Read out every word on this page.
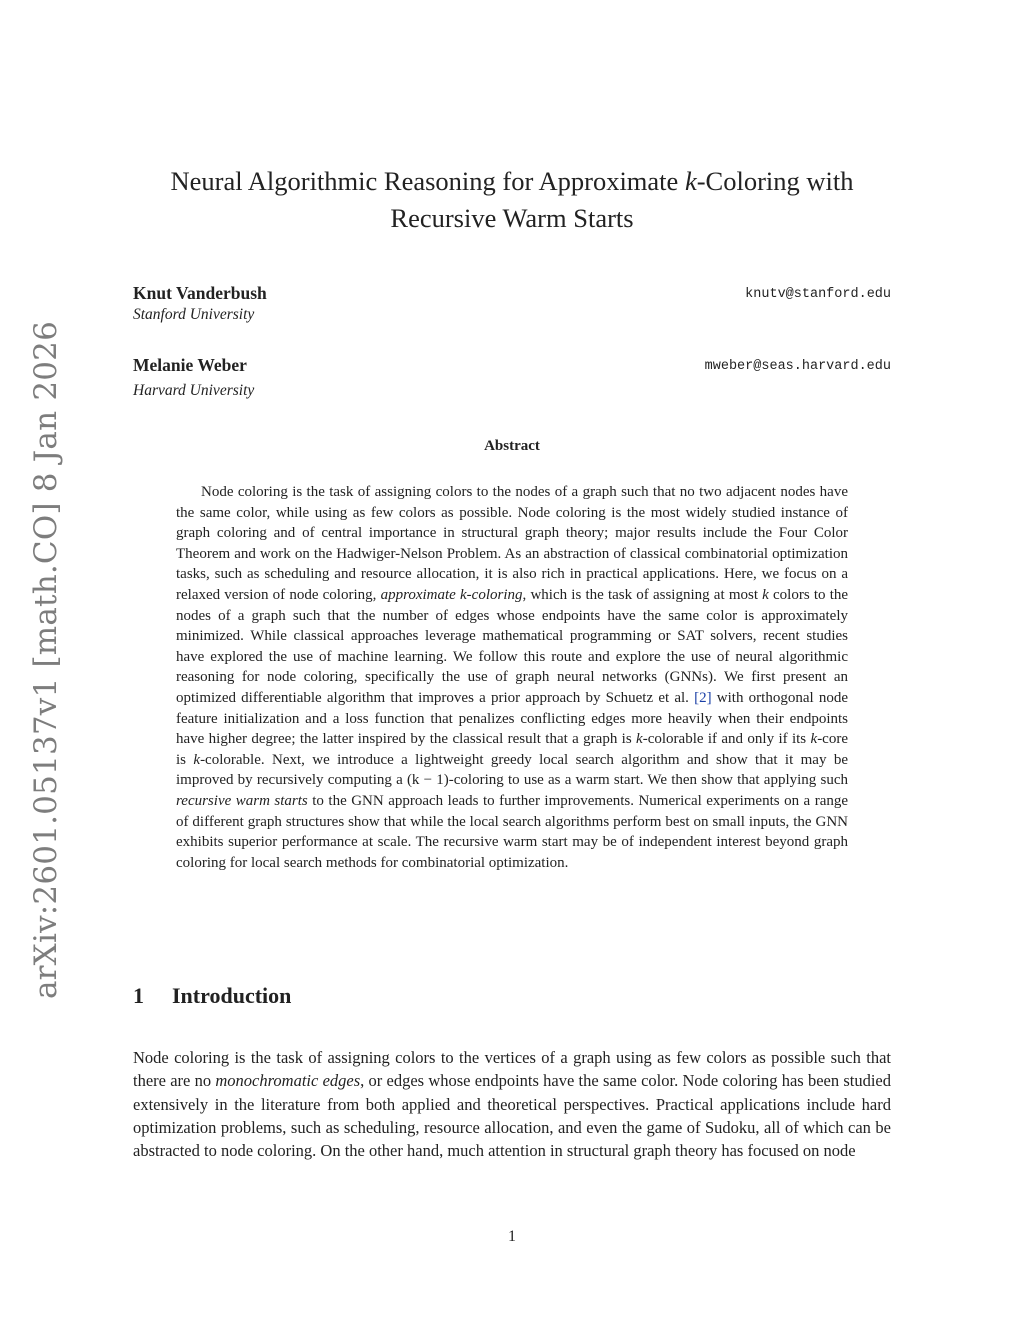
arXiv:2601.05137v1 [math.CO] 8 Jan 2026
Neural Algorithmic Reasoning for Approximate k-Coloring with
Recursive Warm Starts
Knut Vanderbush
Stanford University
knutv@stanford.edu
Melanie Weber
Harvard University
mweber@seas.harvard.edu
Abstract

Node coloring is the task of assigning colors to the nodes of a graph such that no two adjacent nodes have the same color, while using as few colors as possible. Node coloring is the most widely studied instance of graph coloring and of central importance in structural graph theory; major results include the Four Color Theorem and work on the Hadwiger-Nelson Problem. As an abstraction of classical combinatorial optimization tasks, such as scheduling and resource allocation, it is also rich in practical applications. Here, we focus on a relaxed version of node coloring, approximate k-coloring, which is the task of assigning at most k colors to the nodes of a graph such that the number of edges whose endpoints have the same color is approximately minimized. While classical approaches leverage mathematical programming or SAT solvers, recent studies have explored the use of machine learning. We follow this route and explore the use of neural algorithmic reasoning for node coloring, specifically the use of graph neural networks (GNNs). We first present an optimized differentiable algorithm that improves a prior approach by Schuetz et al. [2] with orthogonal node feature initialization and a loss function that penalizes conflicting edges more heavily when their endpoints have higher degree; the latter inspired by the classical result that a graph is k-colorable if and only if its k-core is k-colorable. Next, we introduce a lightweight greedy local search algorithm and show that it may be improved by recursively computing a (k − 1)-coloring to use as a warm start. We then show that applying such recursive warm starts to the GNN approach leads to further improvements. Numerical experiments on a range of different graph structures show that while the local search algorithms perform best on small inputs, the GNN exhibits superior performance at scale. The recursive warm start may be of independent interest beyond graph coloring for local search methods for combinatorial optimization.

1 Introduction

Node coloring is the task of assigning colors to the vertices of a graph using as few colors as possible such that there are no monochromatic edges, or edges whose endpoints have the same color. Node coloring has been studied extensively in the literature from both applied and theoretical perspectives. Practical applications include hard optimization problems, such as scheduling, resource allocation, and even the game of Sudoku, all of which can be abstracted to node coloring. On the other hand, much attention in structural graph theory has focused on node

1
